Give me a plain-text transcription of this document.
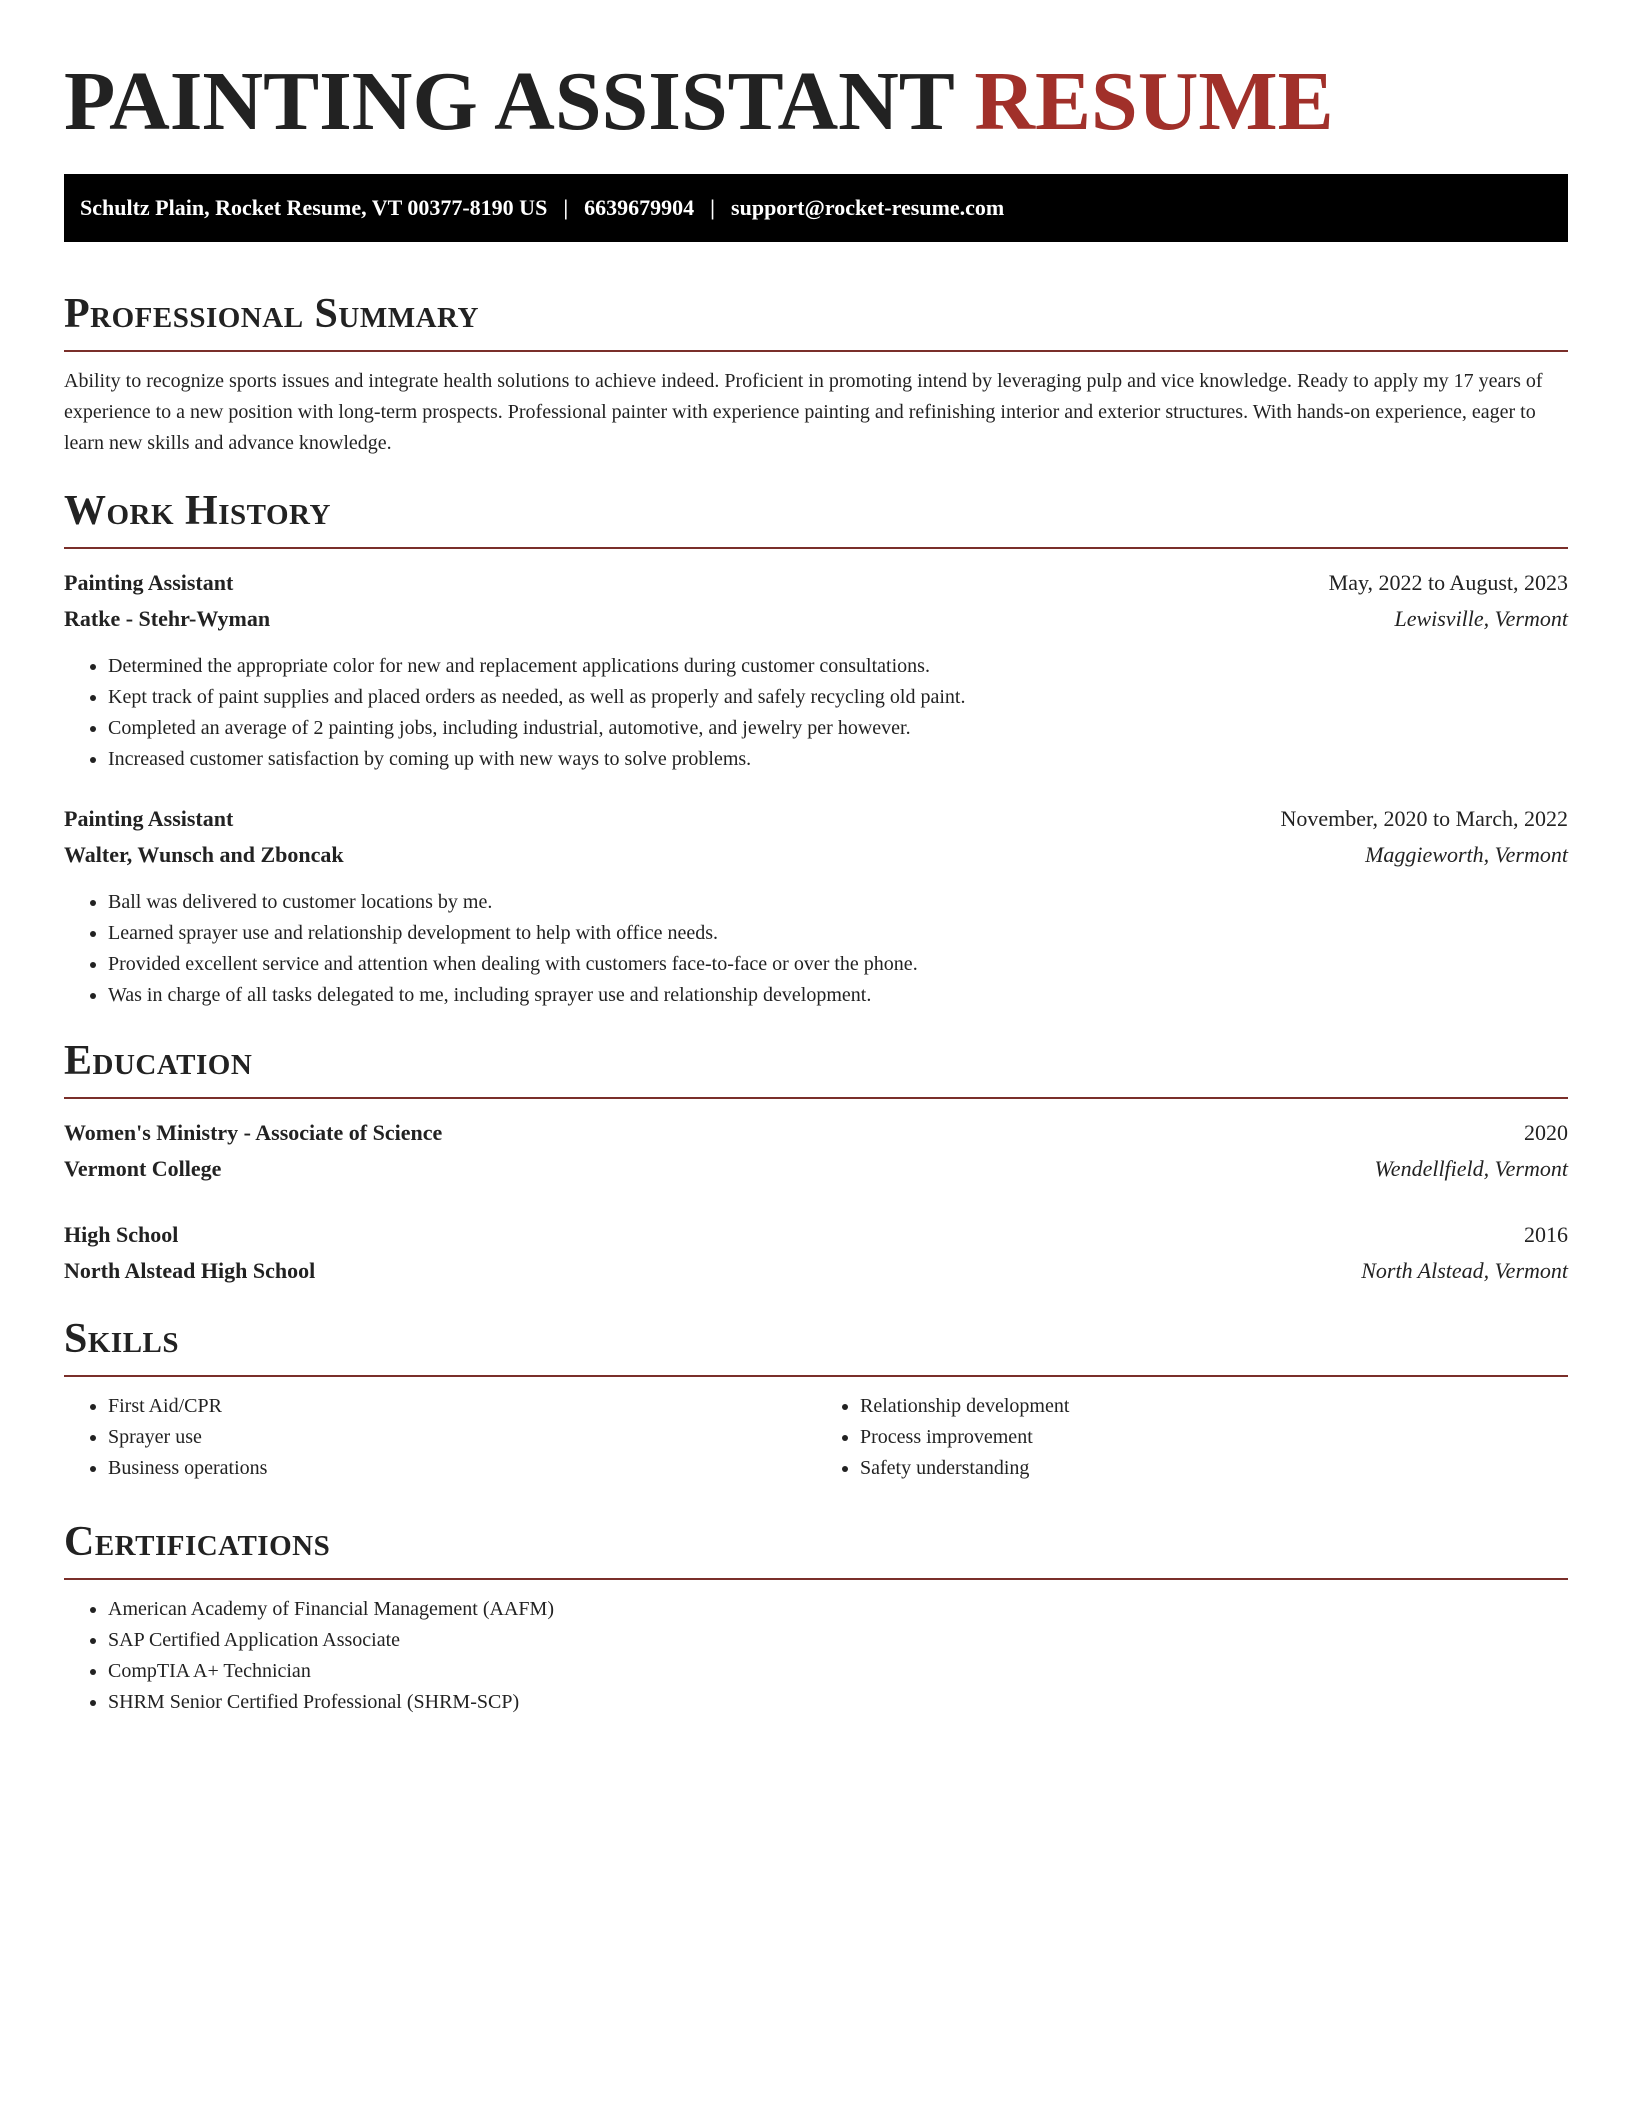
PAINTING ASSISTANT RESUME
Schultz Plain, Rocket Resume, VT 00377-8190 US | 6639679904 | support@rocket-resume.com
Professional Summary

Ability to recognize sports issues and integrate health solutions to achieve indeed. Proficient in promoting intend by leveraging pulp and vice knowledge. Ready to apply my 17 years of experience to a new position with long-term prospects. Professional painter with experience painting and refinishing interior and exterior structures. With hands-on experience, eager to learn new skills and advance knowledge.

Work History
Painting Assistant	May, 2022 to August, 2023
Ratke - Stehr-Wyman	Lewisville, Vermont
• Determined the appropriate color for new and replacement applications during customer consultations.
• Kept track of paint supplies and placed orders as needed, as well as properly and safely recycling old paint.
• Completed an average of 2 painting jobs, including industrial, automotive, and jewelry per however.
• Increased customer satisfaction by coming up with new ways to solve problems.
Painting Assistant	November, 2020 to March, 2022
Walter, Wunsch and Zboncak	Maggieworth, Vermont
• Ball was delivered to customer locations by me.
• Learned sprayer use and relationship development to help with office needs.
• Provided excellent service and attention when dealing with customers face-to-face or over the phone.
• Was in charge of all tasks delegated to me, including sprayer use and relationship development.
Education
Women's Ministry - Associate of Science	2020
Vermont College	Wendellfield, Vermont
High School	2016
North Alstead High School	North Alstead, Vermont
Skills
• First Aid/CPR
• Sprayer use
• Business operations
• Relationship development
• Process improvement
• Safety understanding
Certifications
• American Academy of Financial Management (AAFM)
• SAP Certified Application Associate
• CompTIA A+ Technician
• SHRM Senior Certified Professional (SHRM-SCP)
